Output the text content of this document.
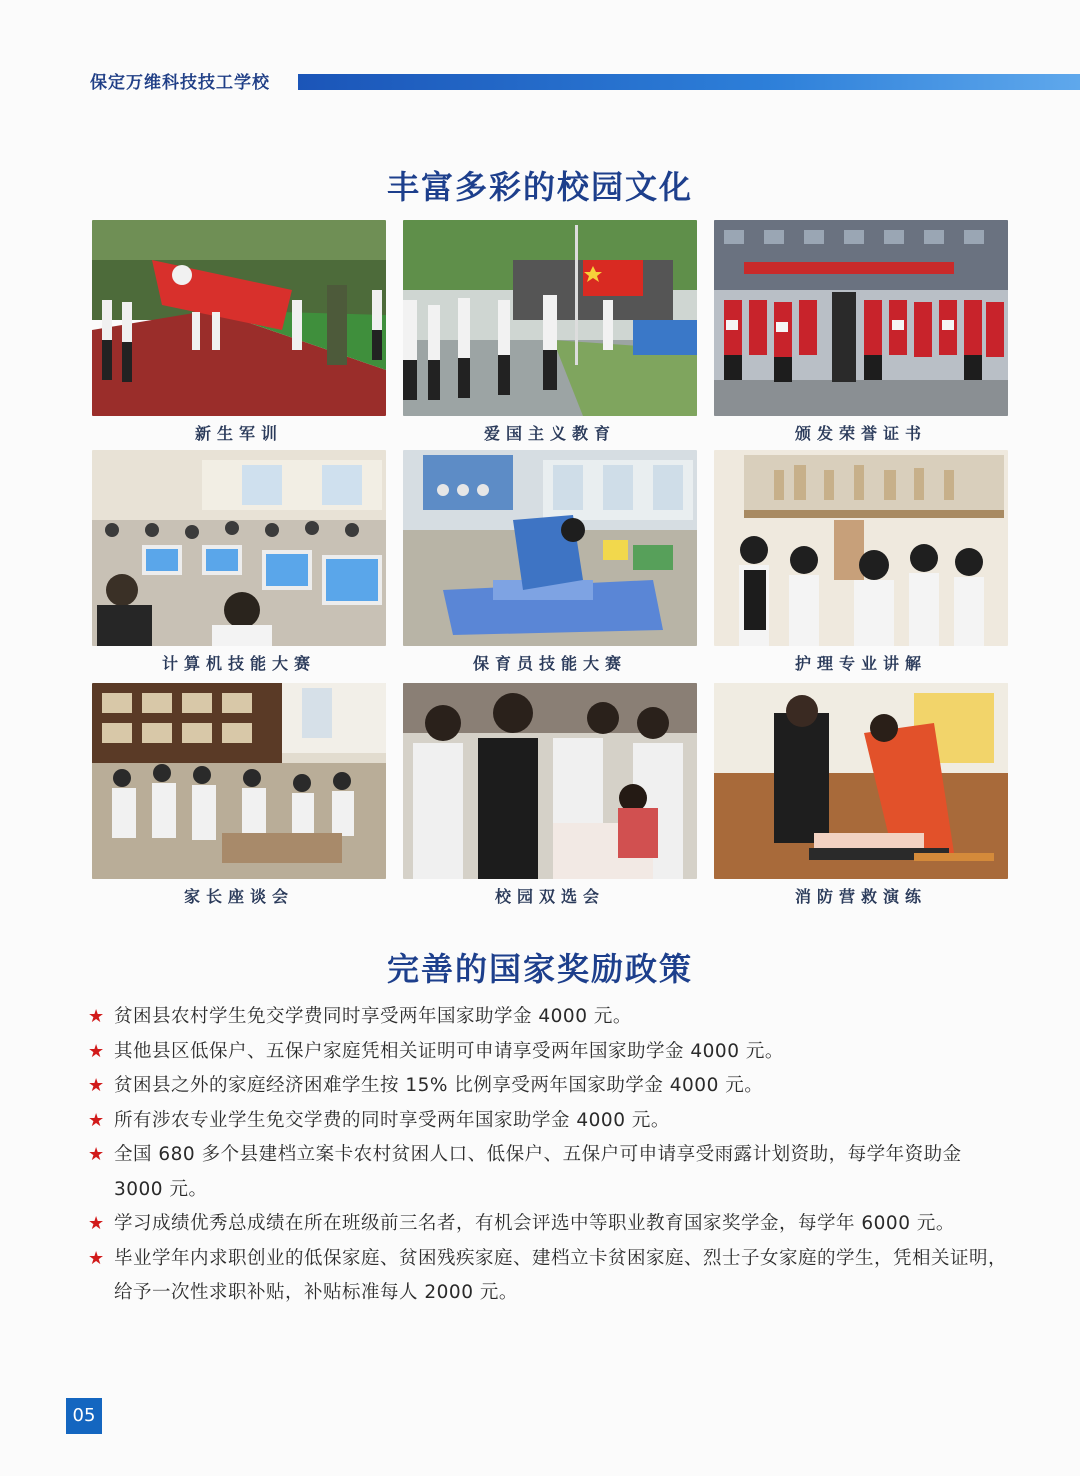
保定万维科技技工学校
丰富多彩的校园文化
新生军训	爱国主义教育	颁发荣誉证书
计算机技能大赛	保育员技能大赛	护理专业讲解
家长座谈会	校园双选会	消防营救演练
完善的国家奖励政策
★ 贫困县农村学生免交学费同时享受两年国家助学金 4000 元。
★ 其他县区低保户、五保户家庭凭相关证明可申请享受两年国家助学金 4000 元。
★ 贫困县之外的家庭经济困难学生按 15% 比例享受两年国家助学金 4000 元。
★ 所有涉农专业学生免交学费的同时享受两年国家助学金 4000 元。
★ 全国 680 多个县建档立案卡农村贫困人口、低保户、五保户可申请享受雨露计划资助，每学年资助金 3000 元。
★ 学习成绩优秀总成绩在所在班级前三名者，有机会评选中等职业教育国家奖学金，每学年 6000 元。
★ 毕业学年内求职创业的低保家庭、贫困残疾家庭、建档立卡贫困家庭、烈士子女家庭的学生，凭相关证明，给予一次性求职补贴，补贴标准每人 2000 元。
05
